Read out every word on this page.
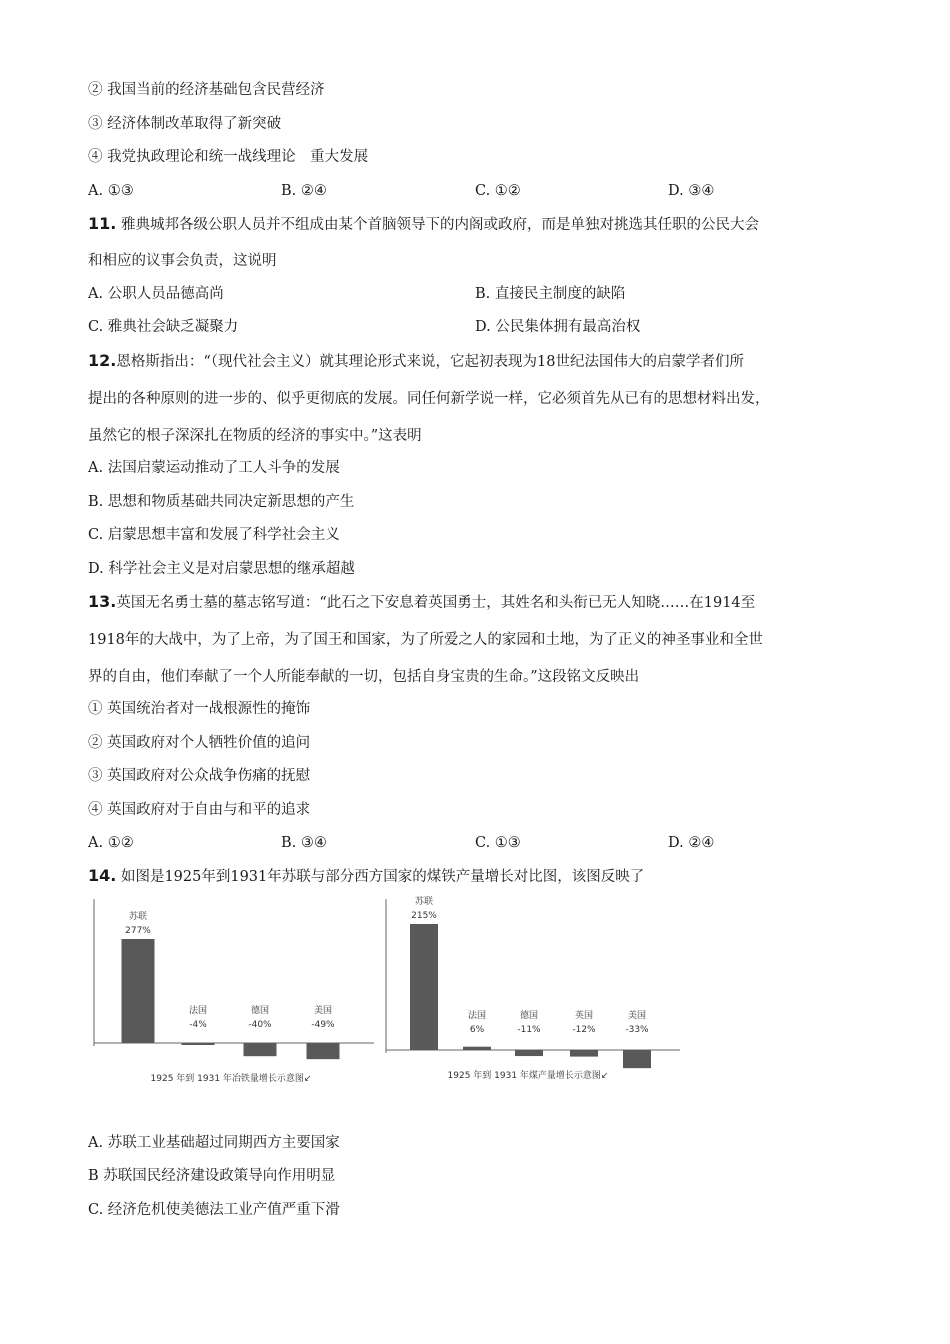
② 我国当前的经济基础包含民营经济
③ 经济体制改革取得了新突破
④ 我党执政理论和统一战线理论　重大发展
A. ①③	B. ②④	C. ①②	D. ③④
11. 雅典城邦各级公职人员并不组成由某个首脑领导下的内阁或政府，而是单独对挑选其任职的公民大会
和相应的议事会负责，这说明
A. 公职人员品德高尚	B. 直接民主制度的缺陷
C. 雅典社会缺乏凝聚力	D. 公民集体拥有最高治权
12.恩格斯指出：“（现代社会主义）就其理论形式来说，它起初表现为18世纪法国伟大的启蒙学者们所
提出的各种原则的进一步的、似乎更彻底的发展。同任何新学说一样，它必须首先从已有的思想材料出发，
虽然它的根子深深扎在物质的经济的事实中。”这表明
A. 法国启蒙运动推动了工人斗争的发展
B. 思想和物质基础共同决定新思想的产生
C. 启蒙思想丰富和发展了科学社会主义
D. 科学社会主义是对启蒙思想的继承超越
13.英国无名勇士墓的墓志铭写道：“此石之下安息着英国勇士，其姓名和头衔已无人知晓……在1914至
1918年的大战中，为了上帝，为了国王和国家，为了所爱之人的家园和土地，为了正义的神圣事业和全世
界的自由，他们奉献了一个人所能奉献的一切，包括自身宝贵的生命。”这段铭文反映出
① 英国统治者对一战根源性的掩饰
② 英国政府对个人牺牲价值的追问
③ 英国政府对公众战争伤痛的抚慰
④ 英国政府对于自由与和平的追求
A. ①②	B. ③④	C. ①③	D. ②④
14. 如图是1925年到1931年苏联与部分西方国家的煤铁产量增长对比图，该图反映了
苏联
277%
法国
-4%
德国
-40%
美国
-49%
1925 年到 1931 年冶铁量增长示意图↙
苏联
215%
法国
6%
德国
-11%
英国
-12%
美国
-33%
1925 年到 1931 年煤产量增长示意图↙
A. 苏联工业基础超过同期西方主要国家
B 苏联国民经济建设政策导向作用明显
C. 经济危机使美德法工业产值严重下滑
